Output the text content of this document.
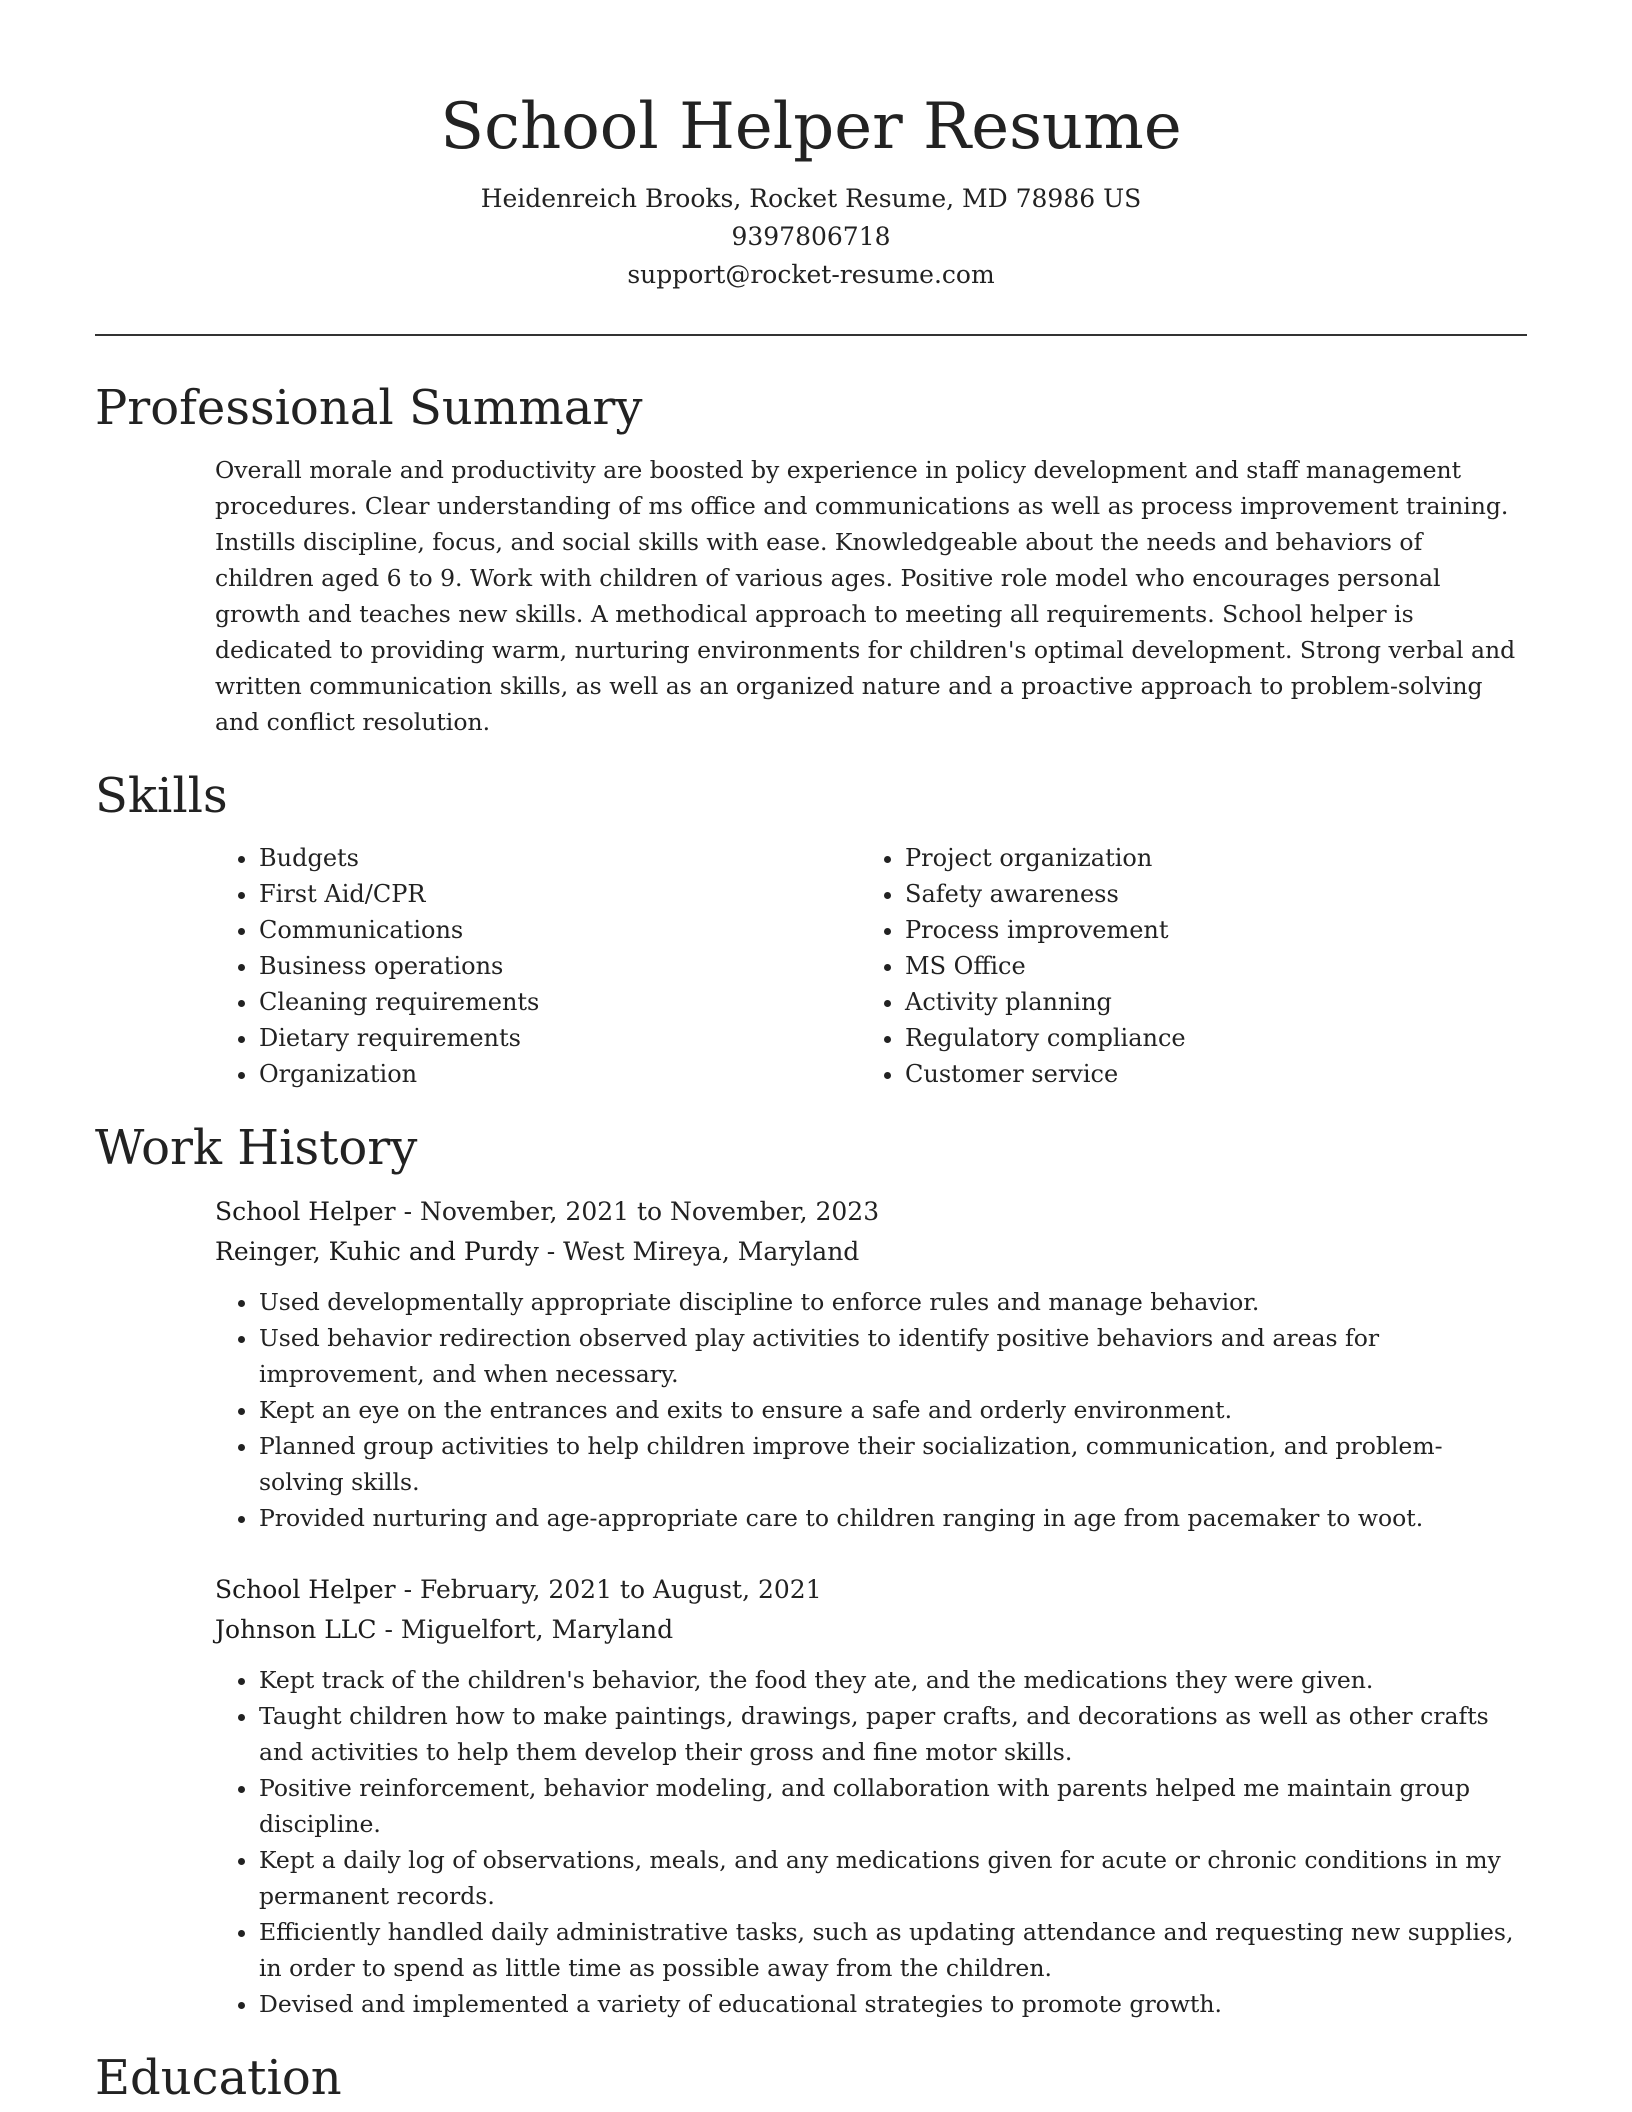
School Helper Resume

Heidenreich Brooks, Rocket Resume, MD 78986 US

9397806718

support@rocket-resume.com

Professional Summary

Overall morale and productivity are boosted by experience in policy development and staff management procedures. Clear understanding of ms office and communications as well as process improvement training. Instills discipline, focus, and social skills with ease. Knowledgeable about the needs and behaviors of children aged 6 to 9. Work with children of various ages. Positive role model who encourages personal growth and teaches new skills. A methodical approach to meeting all requirements. School helper is dedicated to providing warm, nurturing environments for children's optimal development. Strong verbal and written communication skills, as well as an organized nature and a proactive approach to problem-solving and conflict resolution.

Skills
• Budgets
• First Aid/CPR
• Communications
• Business operations
• Cleaning requirements
• Dietary requirements
• Organization
• Project organization
• Safety awareness
• Process improvement
• MS Office
• Activity planning
• Regulatory compliance
• Customer service
Work History

School Helper - November, 2021 to November, 2023

Reinger, Kuhic and Purdy - West Mireya, Maryland

• Used developmentally appropriate discipline to enforce rules and manage behavior.
• Used behavior redirection observed play activities to identify positive behaviors and areas for improvement, and when necessary.
• Kept an eye on the entrances and exits to ensure a safe and orderly environment.
• Planned group activities to help children improve their socialization, communication, and problem-solving skills.
• Provided nurturing and age-appropriate care to children ranging in age from pacemaker to woot.

School Helper - February, 2021 to August, 2021

Johnson LLC - Miguelfort, Maryland

• Kept track of the children's behavior, the food they ate, and the medications they were given.
• Taught children how to make paintings, drawings, paper crafts, and decorations as well as other crafts and activities to help them develop their gross and fine motor skills.
• Positive reinforcement, behavior modeling, and collaboration with parents helped me maintain group discipline.
• Kept a daily log of observations, meals, and any medications given for acute or chronic conditions in my permanent records.
• Efficiently handled daily administrative tasks, such as updating attendance and requesting new supplies, in order to spend as little time as possible away from the children.
• Devised and implemented a variety of educational strategies to promote growth.
Education
